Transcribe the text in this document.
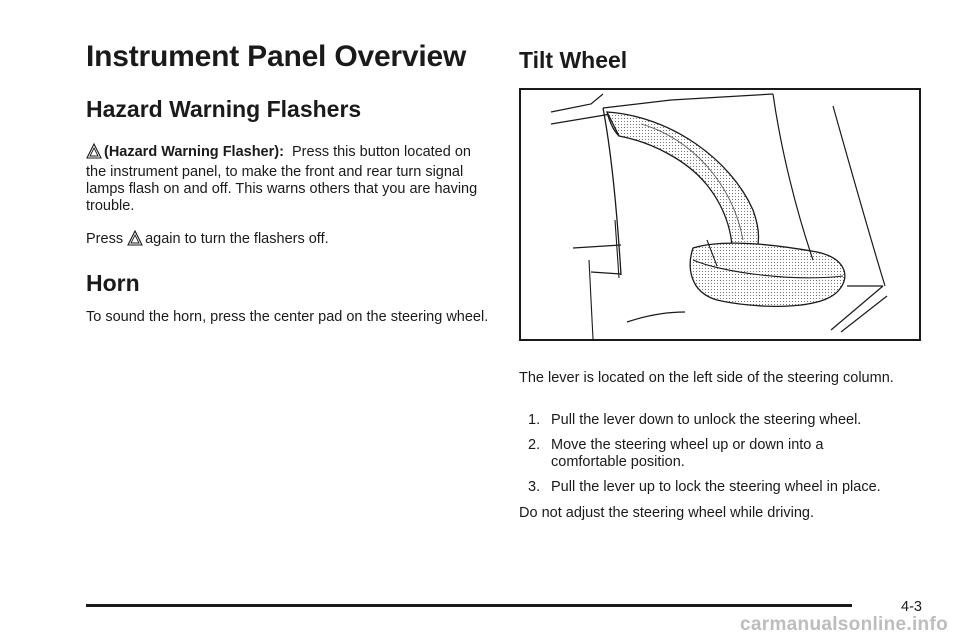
Instrument Panel Overview
Hazard Warning Flashers

(Hazard Warning Flasher): Press this button located on the instrument panel, to make the front and rear turn signal lamps flash on and off. This warns others that you are having trouble.

Press again to turn the flashers off.

Horn

To sound the horn, press the center pad on the steering wheel.

Tilt Wheel

The lever is located on the left side of the steering column.

1. Pull the lever down to unlock the steering wheel.
2. Move the steering wheel up or down into a comfortable position.
3. Pull the lever up to lock the steering wheel in place.

Do not adjust the steering wheel while driving.

4-3
carmanualsonline.info
